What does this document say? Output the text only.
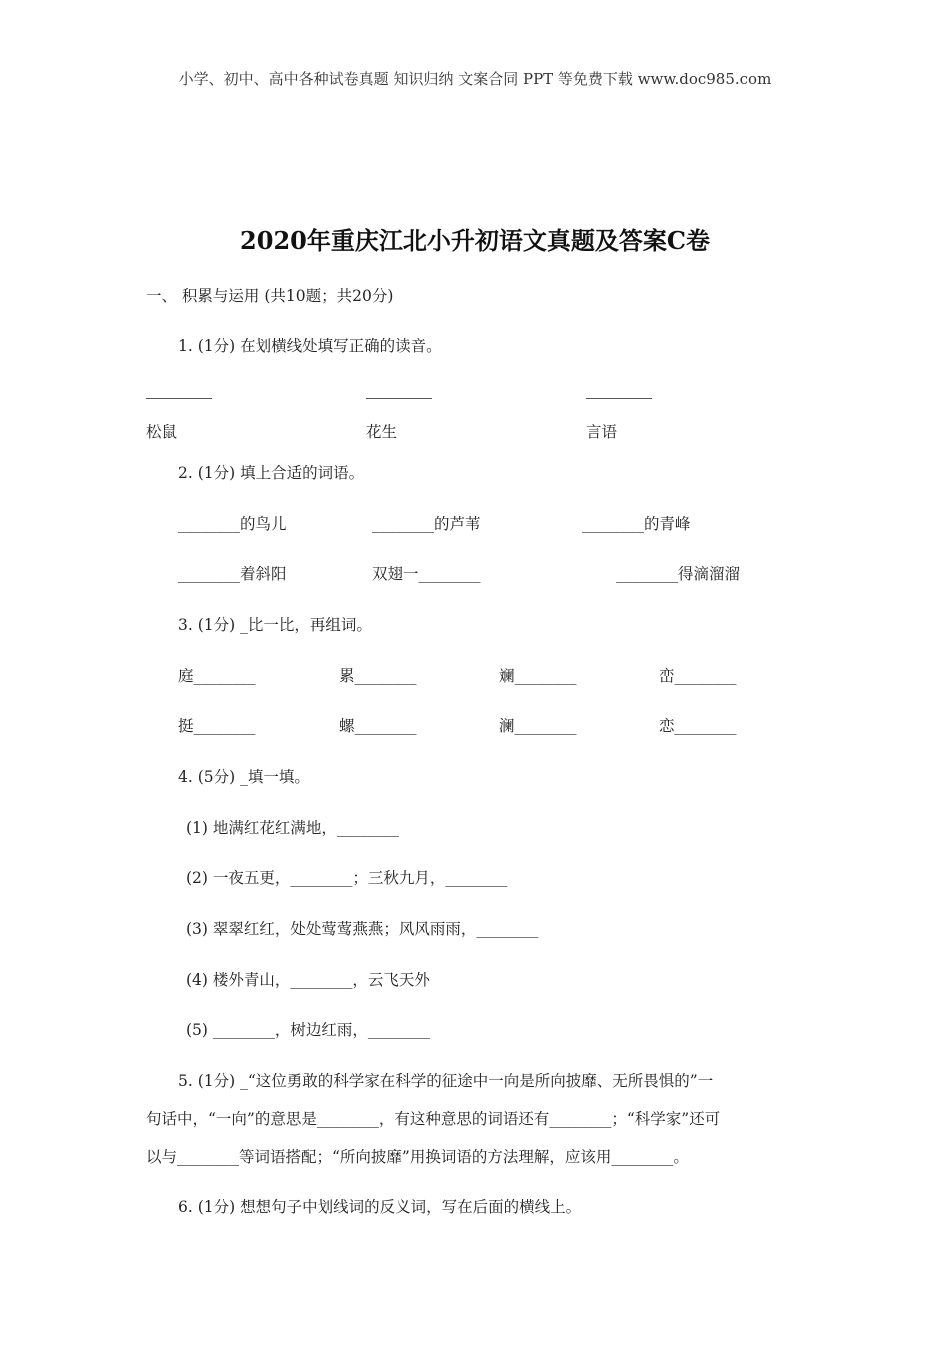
小学、初中、高中各种试卷真题 知识归纳 文案合同 PPT 等免费下载 www.doc985.com
2020年重庆江北小升初语文真题及答案C卷
一、 积累与运用 (共10题；共20分)
1. (1分) 在划横线处填写正确的读音。
松鼠	花生	言语
2. (1分) 填上合适的词语。
________的鸟儿	________的芦苇	________的青峰
________着斜阳	双翅一________	________得滴溜溜
3. (1分) _比一比，再组词。
庭________	累________	斓________	峦________
挺________	螺________	澜________	恋________
4. (5分) _填一填。
(1) 地满红花红满地，________
(2) 一夜五更，________；三秋九月，________
(3) 翠翠红红，处处莺莺燕燕；风风雨雨，________
(4) 楼外青山，________，云飞天外
(5) ________，树边红雨，________
5. (1分) _“这位勇敢的科学家在科学的征途中一向是所向披靡、无所畏惧的”一
句话中，“一向”的意思是________，有这种意思的词语还有________；“科学家”还可
以与________等词语搭配；“所向披靡”用换词语的方法理解，应该用________。
6. (1分) 想想句子中划线词的反义词，写在后面的横线上。
